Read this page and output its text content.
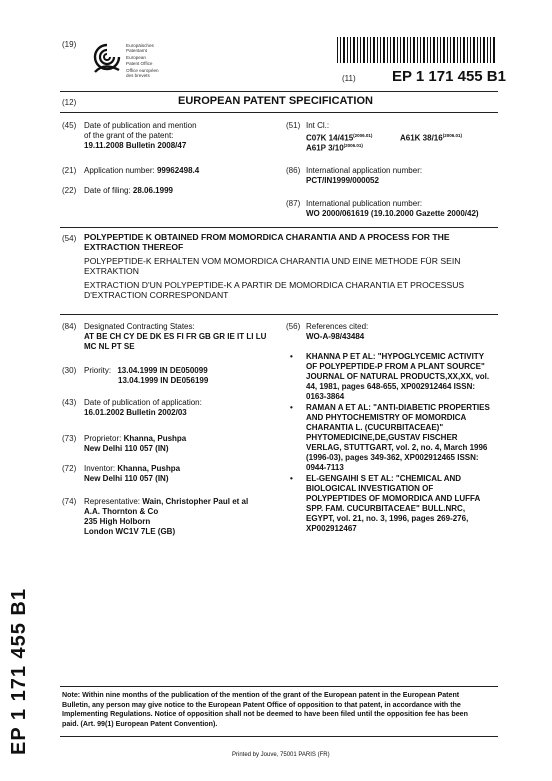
(19)	Europäisches
Patentamt
European
Patent Office
Office européen
des brevets	(11) EP 1 171 455 B1
(12)	EUROPEAN PATENT SPECIFICATION
(45) Date of publication and mention
of the grant of the patent:
19.11.2008 Bulletin 2008/47
(21) Application number: 99962498.4
(22) Date of filing: 28.06.1999
(51) Int Cl.:
C07K $14/415^{(2006.01)}$	A61K $38/16^{(2006.01)}$
A61P $3/10^{(2006.01)}$
(86) International application number:
PCT/IN1999/000052
(87) International publication number:
WO 2000/061619 (19.10.2000 Gazette 2000/42)
(54) POLYPEPTIDE K OBTAINED FROM MOMORDICA CHARANTIA AND A PROCESS FOR THE EXTRACTION THEREOF
POLYPEPTIDE-K ERHALTEN VOM MOMORDICA CHARANTIA UND EINE METHODE FÜR SEIN EXTRAKTION
EXTRACTION D'UN POLYPEPTIDE-K A PARTIR DE MOMORDICA CHARANTIA ET PROCESSUS D'EXTRACTION CORRESPONDANT
(84) Designated Contracting States:
AT BE CH CY DE DK ES FI FR GB GR IE IT LI LU
MC NL PT SE
(30) Priority: 13.04.1999 IN DE050099
13.04.1999 IN DE056199
(43) Date of publication of application:
16.01.2002 Bulletin 2002/03
(73) Proprietor: Khanna, Pushpa
New Delhi 110 057 (IN)
(72) Inventor: Khanna, Pushpa
New Delhi 110 057 (IN)
(74) Representative: Wain, Christopher Paul et al
A.A. Thornton & Co
235 High Holborn
London WC1V 7LE (GB)
(56) References cited:
WO-A-98/43484
• KHANNA P ET AL: "HYPOGLYCEMIC ACTIVITY
OF POLYPEPTIDE-P FROM A PLANT SOURCE"
JOURNAL OF NATURAL PRODUCTS,XX,XX, vol.
44, 1981, pages 648-655, XP002912464 ISSN:
0163-3864
• RAMAN A ET AL: "ANTI-DIABETIC PROPERTIES
AND PHYTOCHEMISTRY OF MOMORDICA
CHARANTIA L. (CUCURBITACEAE)"
PHYTOMEDICINE,DE,GUSTAV FISCHER
VERLAG, STUTTGART, vol. 2, no. 4, March 1996
(1996-03), pages 349-362, XP002912465 ISSN:
0944-7113
• EL-GENGAIHI S ET AL: "CHEMICAL AND
BIOLOGICAL INVESTIGATION OF
POLYPEPTIDES OF MOMORDICA AND LUFFA
SPP. FAM. CUCURBITACEAE" BULL.NRC,
EGYPT, vol. 21, no. 3, 1996, pages 269-276,
XP002912467
EP 1 171 455 B1	Note: Within nine months of the publication of the mention of the grant of the European patent in the European Patent
Bulletin, any person may give notice to the European Patent Office of opposition to that patent, in accordance with the
Implementing Regulations. Notice of opposition shall not be deemed to have been filed until the opposition fee has been
paid. (Art. 99(1) European Patent Convention).
Printed by Jouve, 75001 PARIS (FR)
